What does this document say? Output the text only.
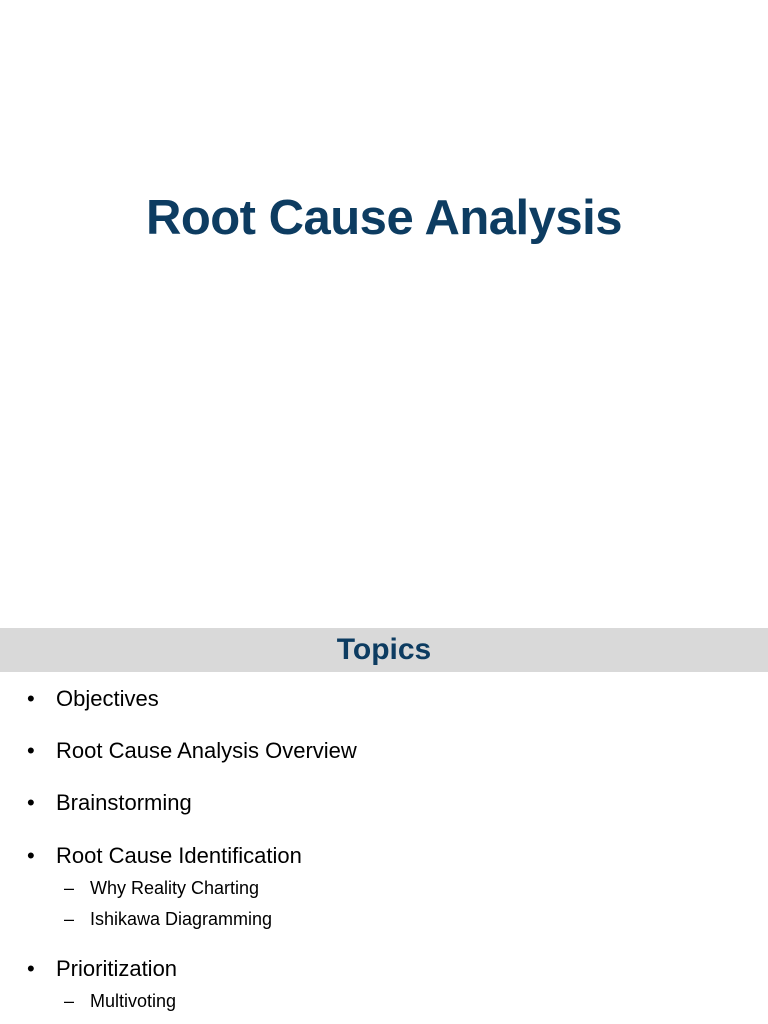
Root Cause Analysis
Topics
• Objectives
• Root Cause Analysis Overview
• Brainstorming
• Root Cause Identification
– Why Reality Charting
– Ishikawa Diagramming
• Prioritization
– Multivoting
